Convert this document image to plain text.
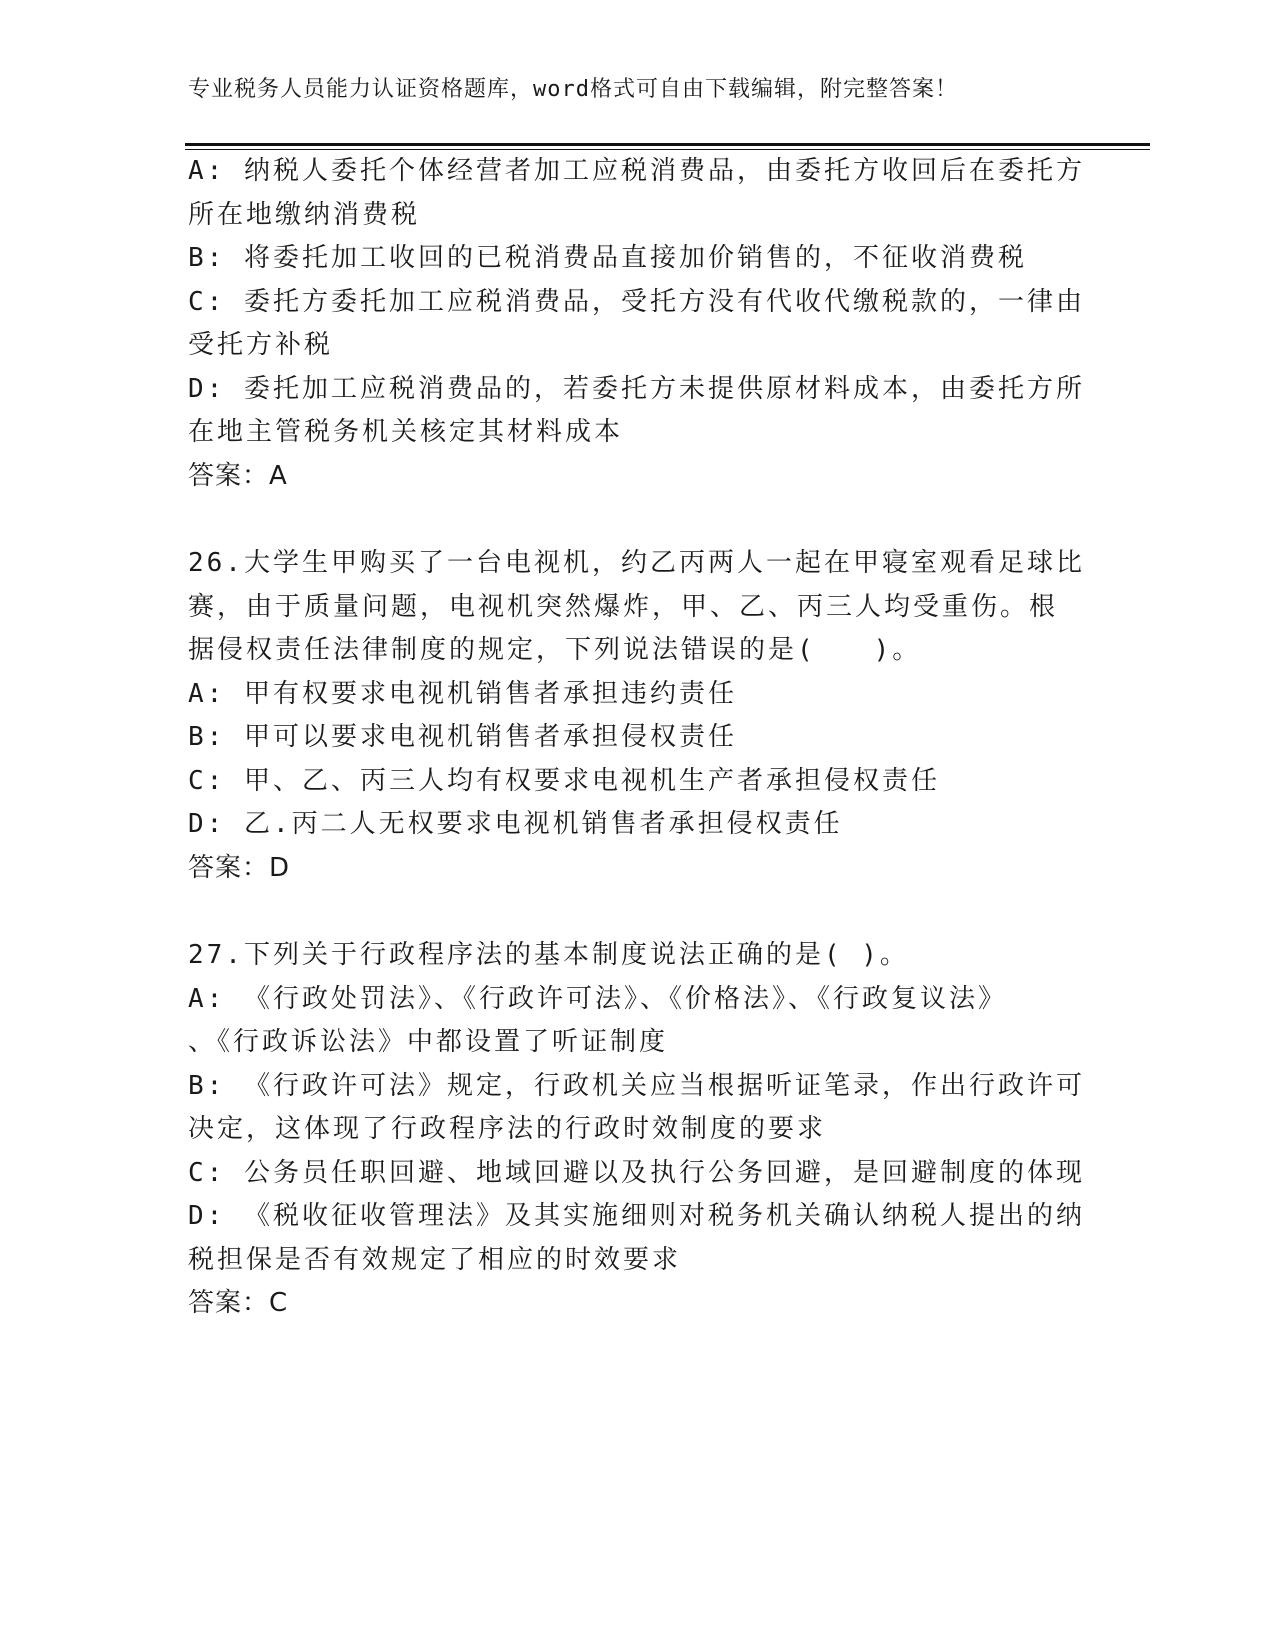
专业税务人员能力认证资格题库，word格式可自由下载编辑，附完整答案！
A: 纳税人委托个体经营者加工应税消费品，由委托方收回后在委托方
所在地缴纳消费税
B: 将委托加工收回的已税消费品直接加价销售的，不征收消费税
C: 委托方委托加工应税消费品，受托方没有代收代缴税款的，一律由
受托方补税
D: 委托加工应税消费品的，若委托方未提供原材料成本，由委托方所
在地主管税务机关核定其材料成本
答案：A
26.大学生甲购买了一台电视机，约乙丙两人一起在甲寝室观看足球比
赛，由于质量问题，电视机突然爆炸，甲、乙、丙三人均受重伤。根
据侵权责任法律制度的规定，下列说法错误的是(　　)。
A: 甲有权要求电视机销售者承担违约责任
B: 甲可以要求电视机销售者承担侵权责任
C: 甲、乙、丙三人均有权要求电视机生产者承担侵权责任
D: 乙.丙二人无权要求电视机销售者承担侵权责任
答案：D
27.下列关于行政程序法的基本制度说法正确的是( )。
A: 《行政处罚法》、《行政许可法》、《价格法》、《行政复议法》
、《行政诉讼法》中都设置了听证制度
B: 《行政许可法》规定，行政机关应当根据听证笔录，作出行政许可
决定，这体现了行政程序法的行政时效制度的要求
C: 公务员任职回避、地域回避以及执行公务回避，是回避制度的体现
D: 《税收征收管理法》及其实施细则对税务机关确认纳税人提出的纳
税担保是否有效规定了相应的时效要求
答案：C
